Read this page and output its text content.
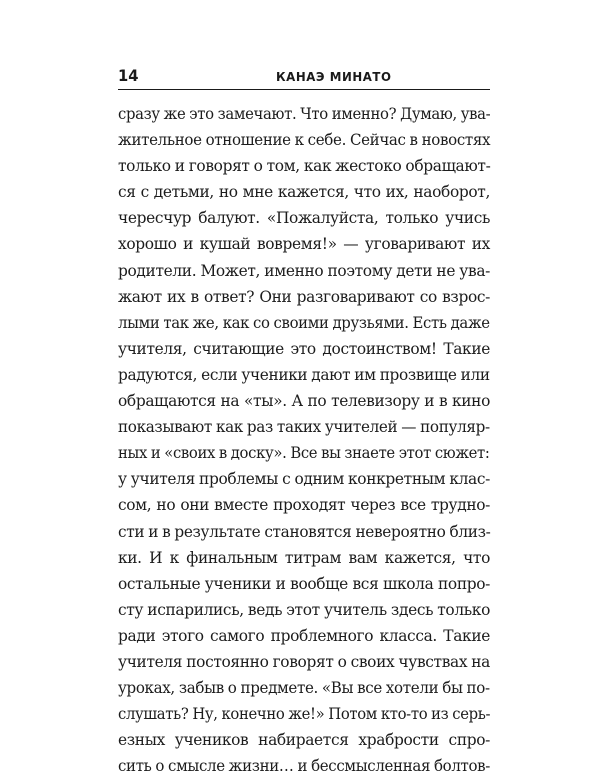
14	КАНАЭ МИНАТО
сразу же это замечают. Что именно? Думаю, ува-
жительное отношение к себе. Сейчас в новостях
только и говорят о том, как жестоко обращают-
ся с детьми, но мне кажется, что их, наоборот,
чересчур балуют. «Пожалуйста, только учись
хорошо и кушай вовремя!» — уговаривают их
родители. Может, именно поэтому дети не ува-
жают их в ответ? Они разговаривают со взрос-
лыми так же, как со своими друзьями. Есть даже
учителя, считающие это достоинством! Такие
радуются, если ученики дают им прозвище или
обращаются на «ты». А по телевизору и в кино
показывают как раз таких учителей — популяр-
ных и «своих в доску». Все вы знаете этот сюжет:
у учителя проблемы с одним конкретным клас-
сом, но они вместе проходят через все трудно-
сти и в результате становятся невероятно близ-
ки. И к финальным титрам вам кажется, что
остальные ученики и вообще вся школа попро-
сту испарились, ведь этот учитель здесь только
ради этого самого проблемного класса. Такие
учителя постоянно говорят о своих чувствах на
уроках, забыв о предмете. «Вы все хотели бы по-
слушать? Ну, конечно же!» Потом кто-то из серь-
езных учеников набирается храбрости спро-
сить о смысле жизни… и бессмысленная болтов-
